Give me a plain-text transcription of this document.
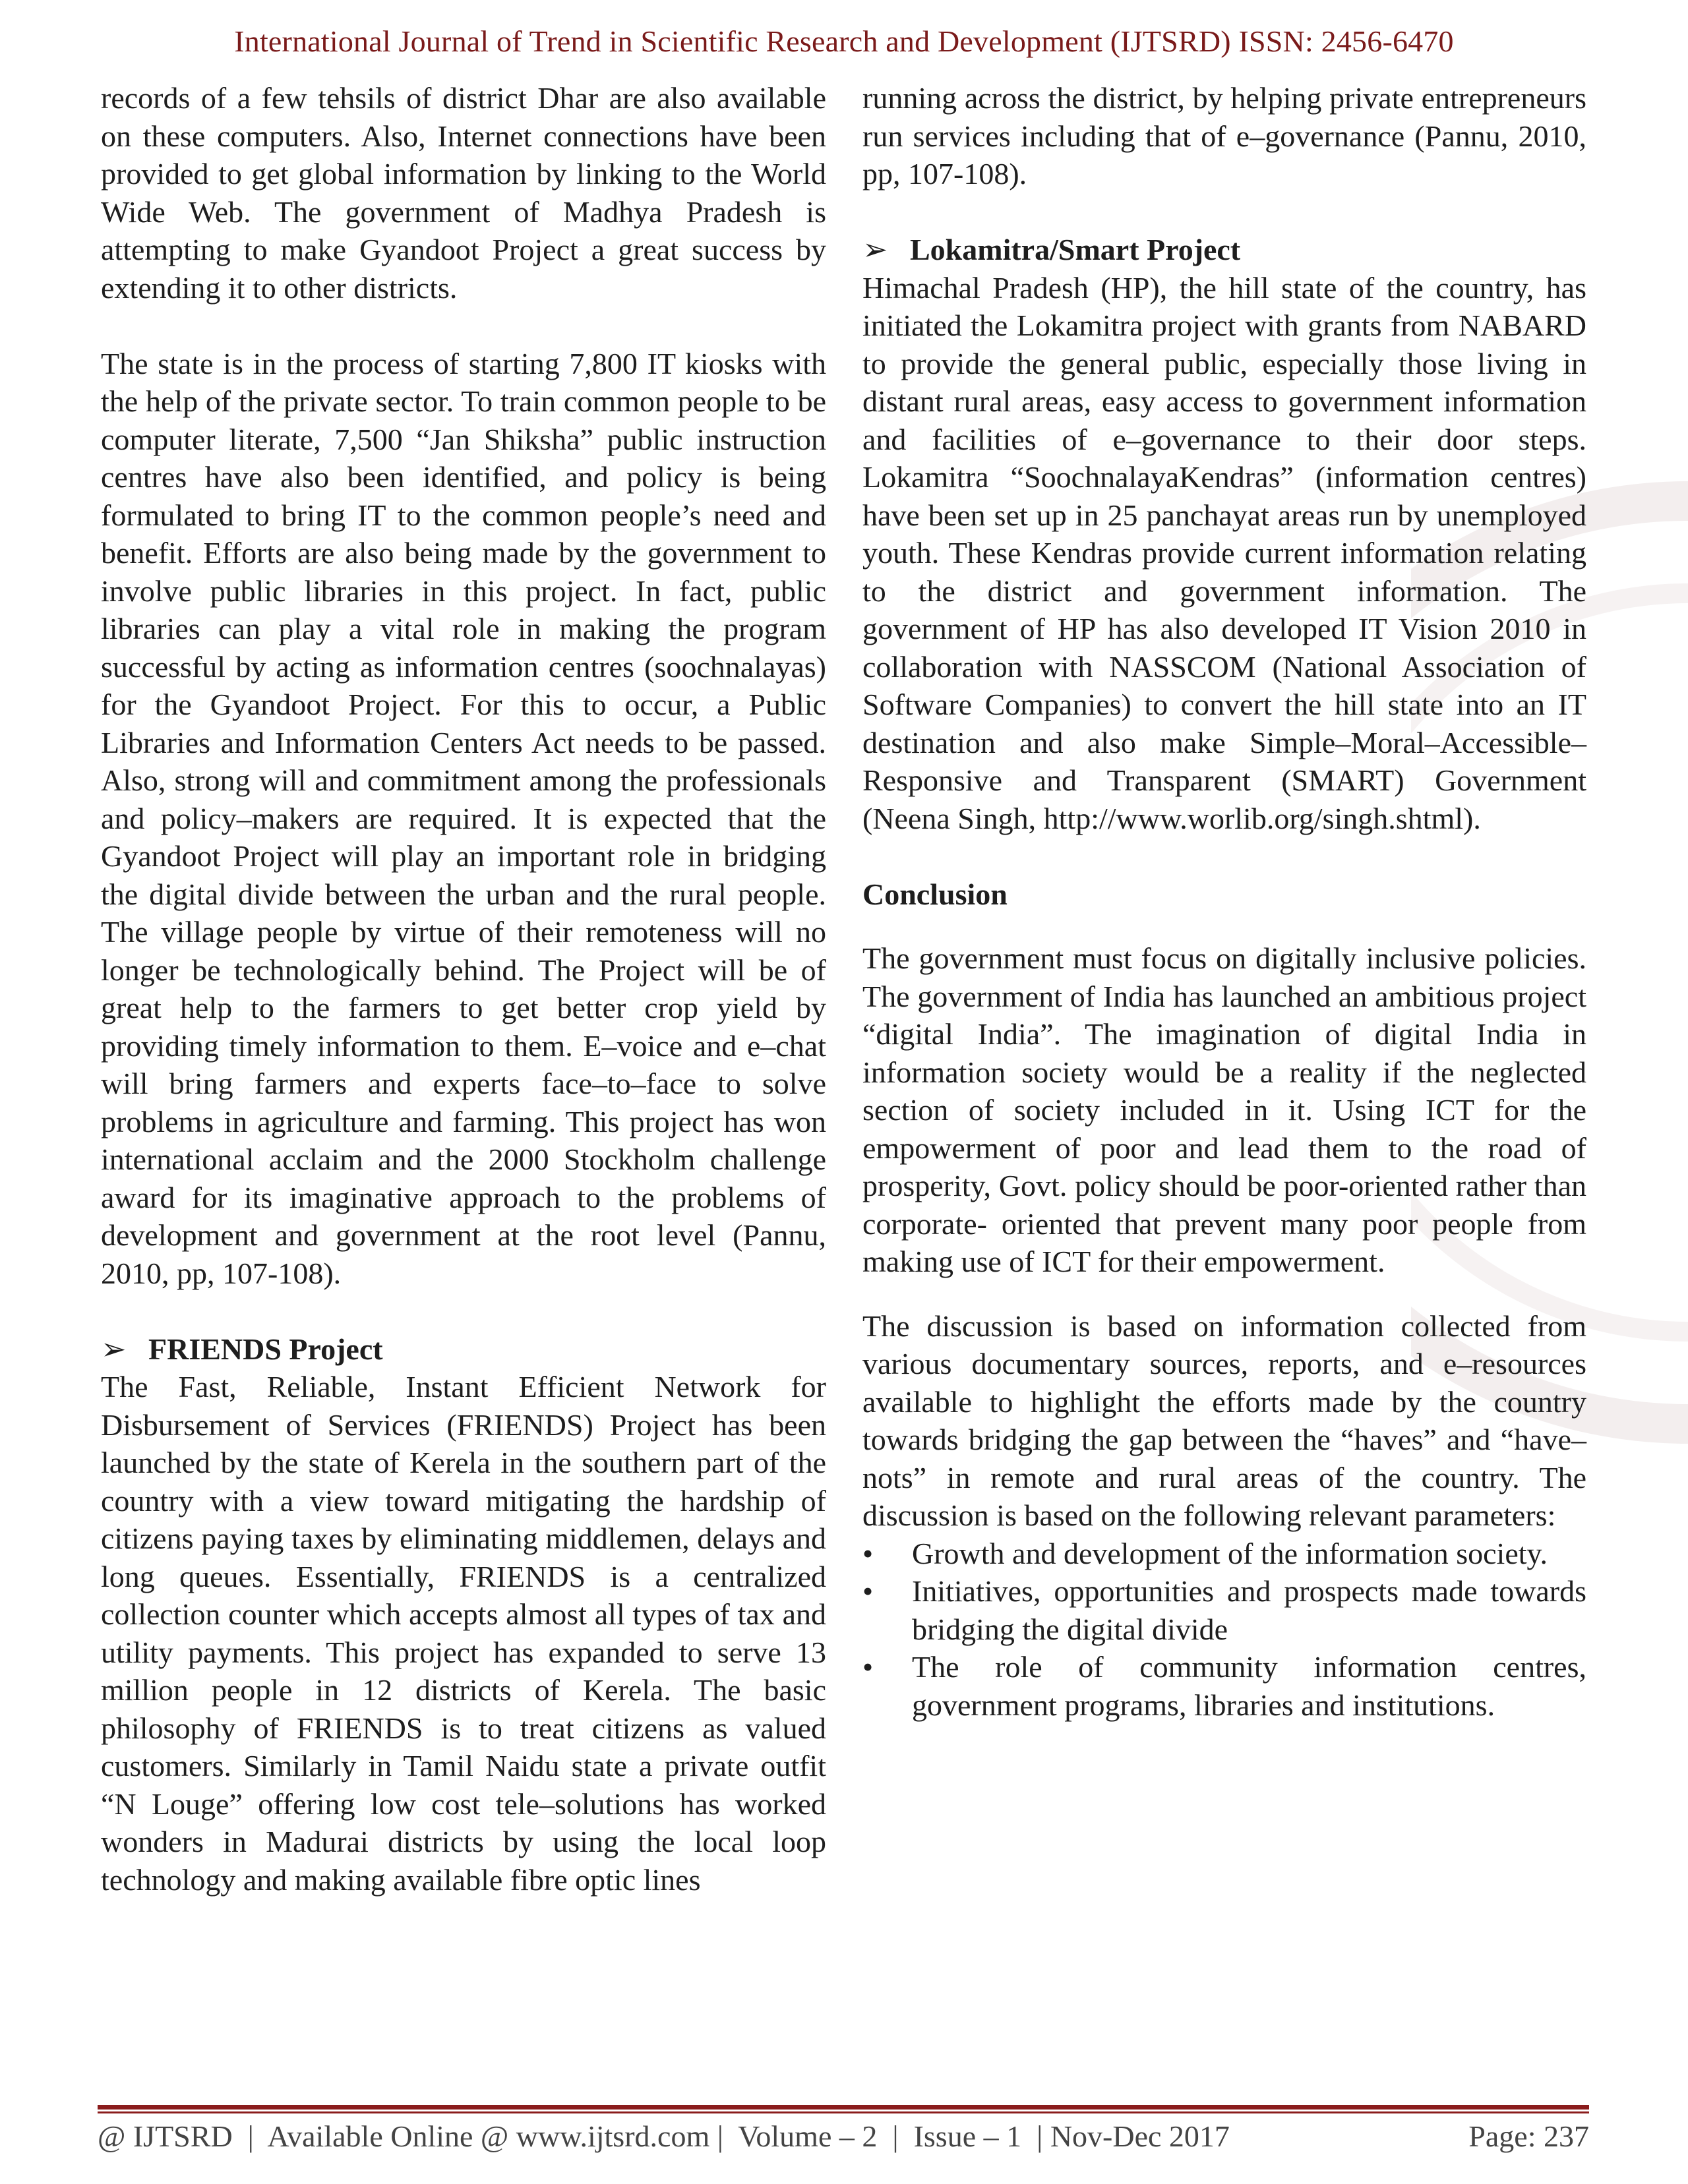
International Journal of Trend in Scientific Research and Development (IJTSRD) ISSN: 2456-6470

records of a few tehsils of district Dhar are also available on these computers. Also, Internet connections have been provided to get global information by linking to the World Wide Web. The government of Madhya Pradesh is attempting to make Gyandoot Project a great success by extending it to other districts.

The state is in the process of starting 7,800 IT kiosks with the help of the private sector. To train common people to be computer literate, 7,500 “Jan Shiksha” public instruction centres have also been identified, and policy is being formulated to bring IT to the common people’s need and benefit. Efforts are also being made by the government to involve public libraries in this project. In fact, public libraries can play a vital role in making the program successful by acting as information centres (soochnalayas) for the Gyandoot Project. For this to occur, a Public Libraries and Information Centers Act needs to be passed. Also, strong will and commitment among the professionals and policy–makers are required. It is expected that the Gyandoot Project will play an important role in bridging the digital divide between the urban and the rural people. The village people by virtue of their remoteness will no longer be technologically behind. The Project will be of great help to the farmers to get better crop yield by providing timely information to them. E–voice and e–chat will bring farmers and experts face–to–face to solve problems in agriculture and farming. This project has won international acclaim and the 2000 Stockholm challenge award for its imaginative approach to the problems of development and government at the root level (Pannu, 2010, pp, 107-108).

➢ FRIENDS Project

The Fast, Reliable, Instant Efficient Network for Disbursement of Services (FRIENDS) Project has been launched by the state of Kerela in the southern part of the country with a view toward mitigating the hardship of citizens paying taxes by eliminating middlemen, delays and long queues. Essentially, FRIENDS is a centralized collection counter which accepts almost all types of tax and utility payments. This project has expanded to serve 13 million people in 12 districts of Kerela. The basic philosophy of FRIENDS is to treat citizens as valued customers. Similarly in Tamil Naidu state a private outfit “N Louge” offering low cost tele–solutions has worked wonders in Madurai districts by using the local loop technology and making available fibre optic lines

running across the district, by helping private entrepreneurs run services including that of e–governance (Pannu, 2010, pp, 107-108).

➢ Lokamitra/Smart Project

Himachal Pradesh (HP), the hill state of the country, has initiated the Lokamitra project with grants from NABARD to provide the general public, especially those living in distant rural areas, easy access to government information and facilities of e–governance to their door steps. Lokamitra “SoochnalayaKendras” (information centres) have been set up in 25 panchayat areas run by unemployed youth. These Kendras provide current information relating to the district and government information. The government of HP has also developed IT Vision 2010 in collaboration with NASSCOM (National Association of Software Companies) to convert the hill state into an IT destination and also make Simple–Moral–Accessible–Responsive and Transparent (SMART) Government (Neena Singh, http://www.worlib.org/singh.shtml).

Conclusion

The government must focus on digitally inclusive policies. The government of India has launched an ambitious project “digital India”. The imagination of digital India in information society would be a reality if the neglected section of society included in it. Using ICT for the empowerment of poor and lead them to the road of prosperity, Govt. policy should be poor-oriented rather than corporate- oriented that prevent many poor people from making use of ICT for their empowerment.

The discussion is based on information collected from various documentary sources, reports, and e–resources available to highlight the efforts made by the country towards bridging the gap between the “haves” and “have–nots” in remote and rural areas of the country. The discussion is based on the following relevant parameters:

•	Growth and development of the information society.
•	Initiatives, opportunities and prospects made towards bridging the digital divide
•	The role of community information centres, government programs, libraries and institutions.
@ IJTSRD  |  Available Online @ www.ijtsrd.com |  Volume – 2  |  Issue – 1  | Nov-Dec 2017	Page: 237
